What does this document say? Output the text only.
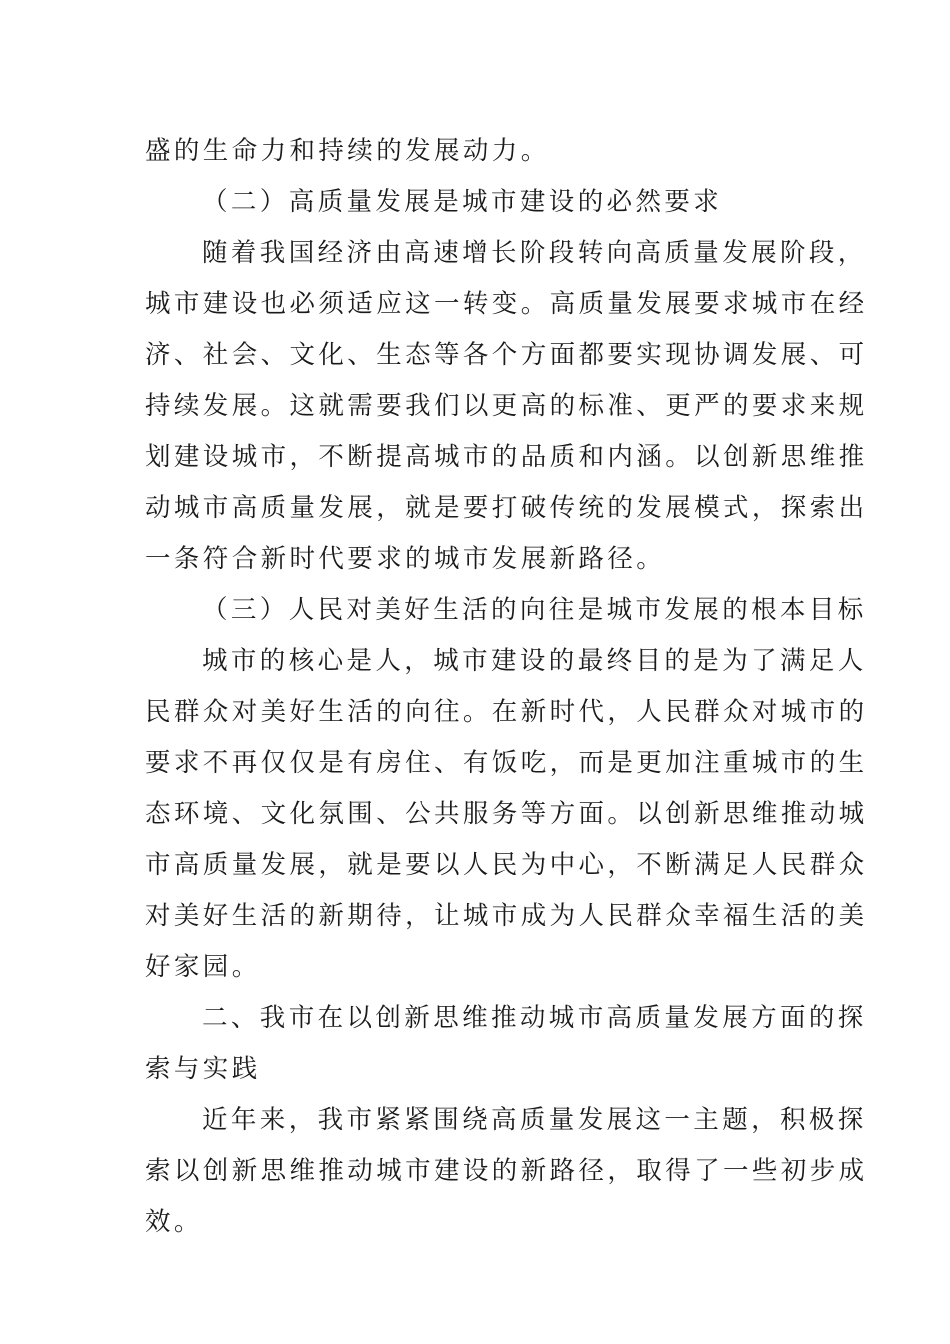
盛的生命力和持续的发展动力。
（二）高质量发展是城市建设的必然要求
随着我国经济由高速增长阶段转向高质量发展阶段，
城市建设也必须适应这一转变。高质量发展要求城市在经
济、社会、文化、生态等各个方面都要实现协调发展、可
持续发展。这就需要我们以更高的标准、更严的要求来规
划建设城市，不断提高城市的品质和内涵。以创新思维推
动城市高质量发展，就是要打破传统的发展模式，探索出
一条符合新时代要求的城市发展新路径。
（三）人民对美好生活的向往是城市发展的根本目标
城市的核心是人，城市建设的最终目的是为了满足人
民群众对美好生活的向往。在新时代，人民群众对城市的
要求不再仅仅是有房住、有饭吃，而是更加注重城市的生
态环境、文化氛围、公共服务等方面。以创新思维推动城
市高质量发展，就是要以人民为中心，不断满足人民群众
对美好生活的新期待，让城市成为人民群众幸福生活的美
好家园。
二、我市在以创新思维推动城市高质量发展方面的探
索与实践
近年来，我市紧紧围绕高质量发展这一主题，积极探
索以创新思维推动城市建设的新路径，取得了一些初步成
效。
